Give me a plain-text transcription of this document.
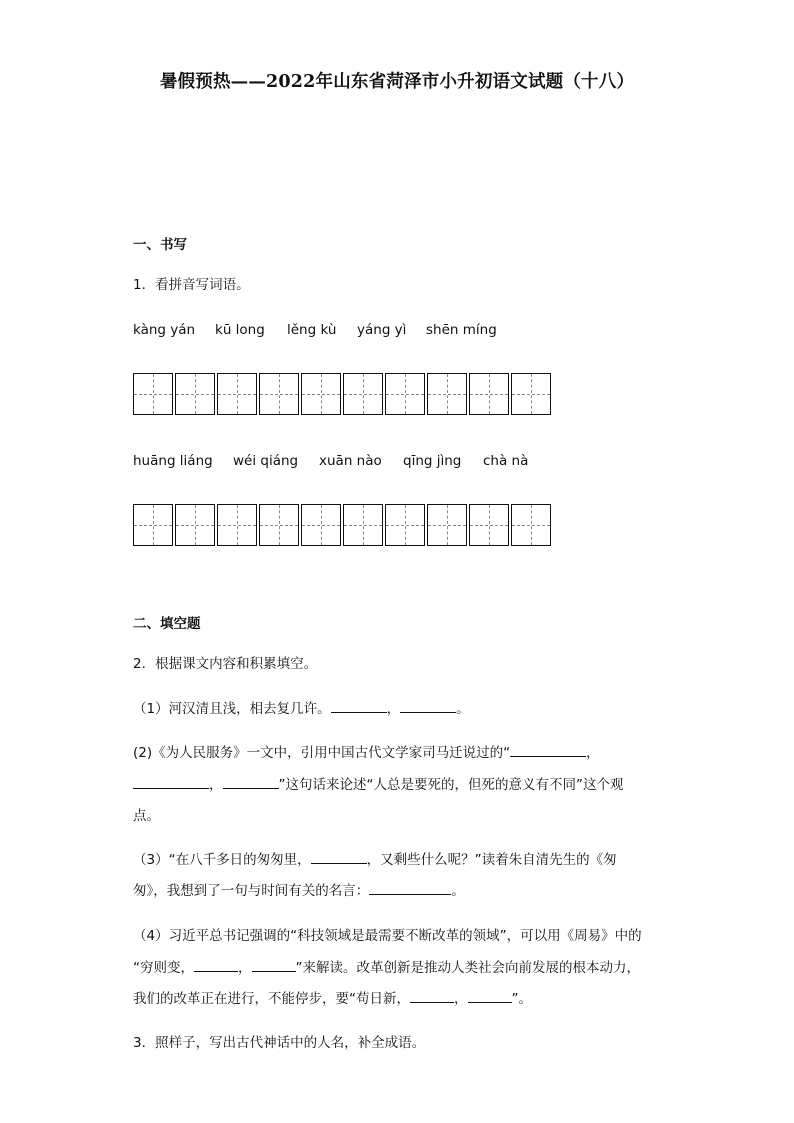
暑假预热——2022年山东省菏泽市小升初语文试题（十八）
一、书写
1．看拼音写词语。
kàng yán kū long lěng kù yáng yì shēn míng
huāng liáng wéi qiáng xuān nào qīng jìng chà nà
二、填空题
2．根据课文内容和积累填空。
（1）河汉清且浅，相去复几许。	，	。
(2)《为人民服务》一文中，引用中国古代文学家司马迁说过的“	，
，	”这句话来论述“人总是要死的，但死的意义有不同”这个观
点。
（3）“在八千多日的匆匆里，	，又剩些什么呢？”读着朱自清先生的《匆
匆》，我想到了一句与时间有关的名言：	。
（4）习近平总书记强调的“科技领域是最需要不断改革的领域”，可以用《周易》中的
“穷则变，	，	”来解读。改革创新是推动人类社会向前发展的根本动力，
我们的改革正在进行，不能停步，要“苟日新，	，	”。
3．照样子，写出古代神话中的人名，补全成语。
